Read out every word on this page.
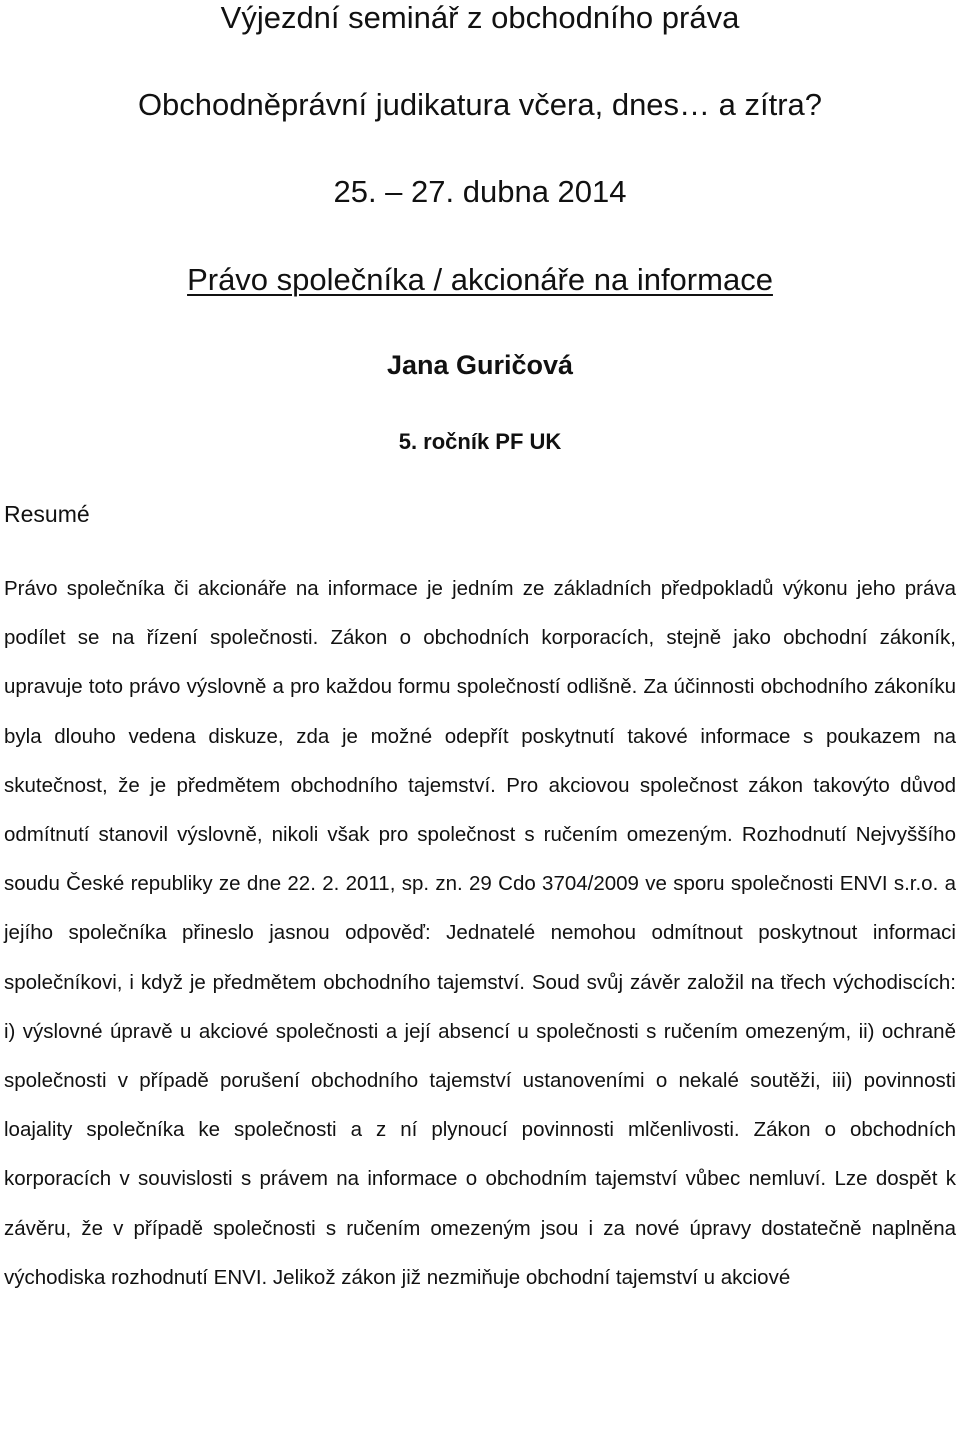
Výjezdní seminář z obchodního práva
Obchodněprávní judikatura včera, dnes… a zítra?
25. – 27. dubna 2014
Právo společníka / akcionáře na informace
Jana Guričová
5. ročník PF UK
Resumé
Právo společníka či akcionáře na informace je jedním ze základních předpokladů výkonu jeho práva podílet se na řízení společnosti. Zákon o obchodních korporacích, stejně jako obchodní zákoník, upravuje toto právo výslovně a pro každou formu společností odlišně. Za účinnosti obchodního zákoníku byla dlouho vedena diskuze, zda je možné odepřít poskytnutí takové informace s poukazem na skutečnost, že je předmětem obchodního tajemství. Pro akciovou společnost zákon takovýto důvod odmítnutí stanovil výslovně, nikoli však pro společnost s ručením omezeným. Rozhodnutí Nejvyššího soudu České republiky ze dne 22. 2. 2011, sp. zn. 29 Cdo 3704/2009 ve sporu společnosti ENVI s.r.o. a jejího společníka přineslo jasnou odpověď: Jednatelé nemohou odmítnout poskytnout informaci společníkovi, i když je předmětem obchodního tajemství. Soud svůj závěr založil na třech východiscích: i) výslovné úpravě u akciové společnosti a její absencí u společnosti s ručením omezeným, ii) ochraně společnosti v případě porušení obchodního tajemství ustanoveními o nekalé soutěži, iii) povinnosti loajality společníka ke společnosti a z ní plynoucí povinnosti mlčenlivosti. Zákon o obchodních korporacích v souvislosti s právem na informace o obchodním tajemství vůbec nemluví. Lze dospět k závěru, že v případě společnosti s ručením omezeným jsou i za nové úpravy dostatečně naplněna východiska rozhodnutí ENVI. Jelikož zákon již nezmiňuje obchodní tajemství u akciové
